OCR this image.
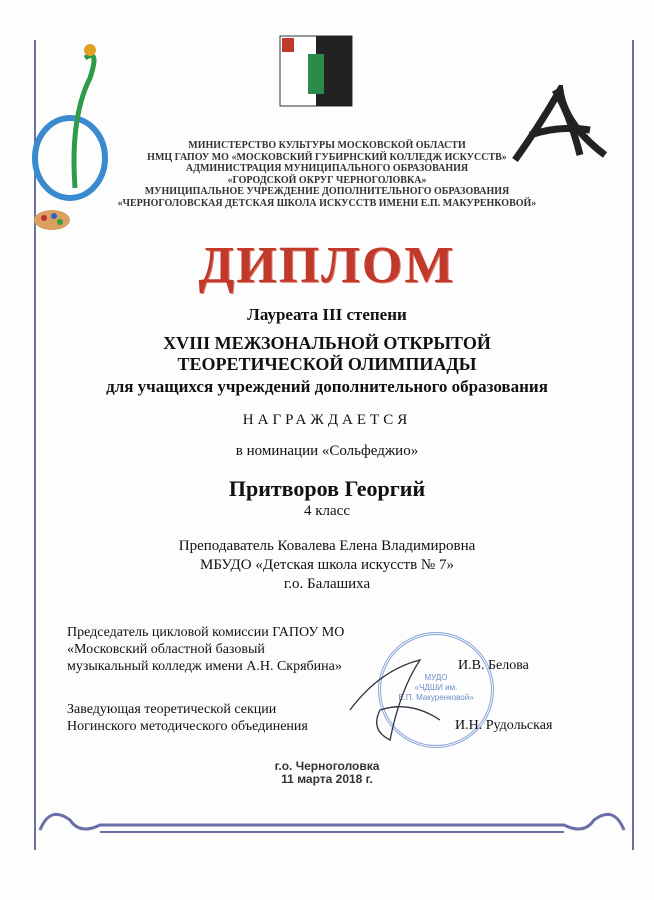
МИНИСТЕРСТВО КУЛЬТУРЫ МОСКОВСКОЙ ОБЛАСТИ
НМЦ ГАПОУ МО «МОСКОВСКИЙ ГУБИРНСКИЙ КОЛЛЕДЖ ИСКУССТВ»
АДМИНИСТРАЦИЯ МУНИЦИПАЛЬНОГО ОБРАЗОВАНИЯ
«ГОРОДСКОЙ ОКРУГ ЧЕРНОГОЛОВКА»
МУНИЦИПАЛЬНОЕ УЧРЕЖДЕНИЕ ДОПОЛНИТЕЛЬНОГО ОБРАЗОВАНИЯ
«ЧЕРНОГОЛОВСКАЯ ДЕТСКАЯ ШКОЛА ИСКУССТВ ИМЕНИ Е.П. МАКУРЕНКОВОЙ»
ДИПЛОМ
Лауреата III степени
XVIII МЕЖЗОНАЛЬНОЙ ОТКРЫТОЙ
ТЕОРЕТИЧЕСКОЙ ОЛИМПИАДЫ
для учащихся учреждений дополнительного образования
НАГРАЖДАЕТСЯ
в номинации «Сольфеджио»
Притворов Георгий
4 класс
Преподаватель Ковалева Елена Владимировна
МБУДО «Детская школа искусств № 7»
г.о. Балашиха
МУДО
«ЧДШИ им.
Е.П. Макуренковой»
Председатель цикловой комиссии ГАПОУ МО
«Московский областной базовый
музыкальный колледж имени А.Н. Скрябина»	И.В. Белова
Заведующая теоретической секции
Ногинского методического объединения	И.Н. Рудольская
г.о. Черноголовка
11 марта 2018 г.
